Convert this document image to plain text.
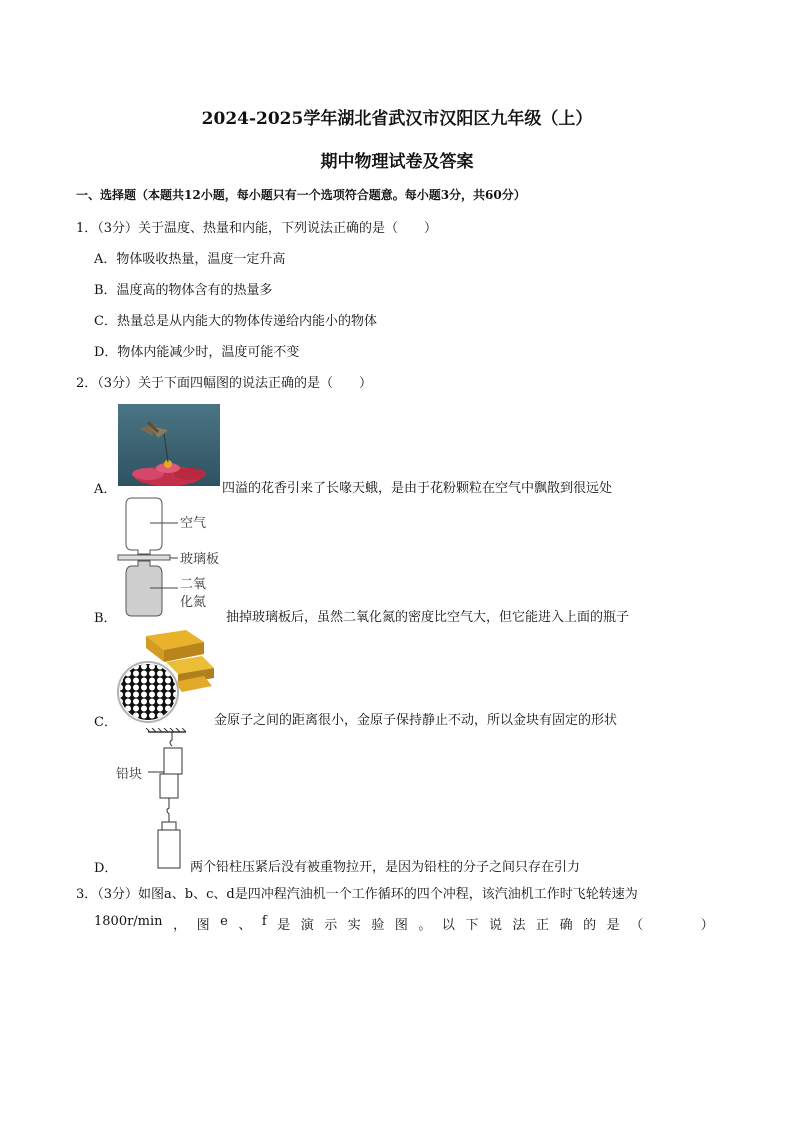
2024-2025学年湖北省武汉市汉阳区九年级（上）
期中物理试卷及答案
一、选择题（本题共12小题，每小题只有一个选项符合题意。每小题3分，共60分）
1．（3分）关于温度、热量和内能，下列说法正确的是（　　）
A．物体吸收热量，温度一定升高
B．温度高的物体含有的热量多
C．热量总是从内能大的物体传递给内能小的物体
D．物体内能减少时，温度可能不变
2．（3分）关于下面四幅图的说法正确的是（　　）
A．	四溢的花香引来了长喙天蛾，是由于花粉颗粒在空气中飘散到很远处
空气
玻璃板
二氧
化氮
B．	抽掉玻璃板后，虽然二氧化氮的密度比空气大，但它能进入上面的瓶子
C．	金原子之间的距离很小，金原子保持静止不动，所以金块有固定的形状
铅块
D．	两个铅柱压紧后没有被重物拉开，是因为铅柱的分子之间只存在引力
3．（3分）如图a、b、c、d是四冲程汽油机一个工作循环的四个冲程，该汽油机工作时飞轮转速为
1800r/min ， 图 e 、 f 是 演 示 实 验 图 。 以 下 说 法 正 确 的 是 （

　	）
